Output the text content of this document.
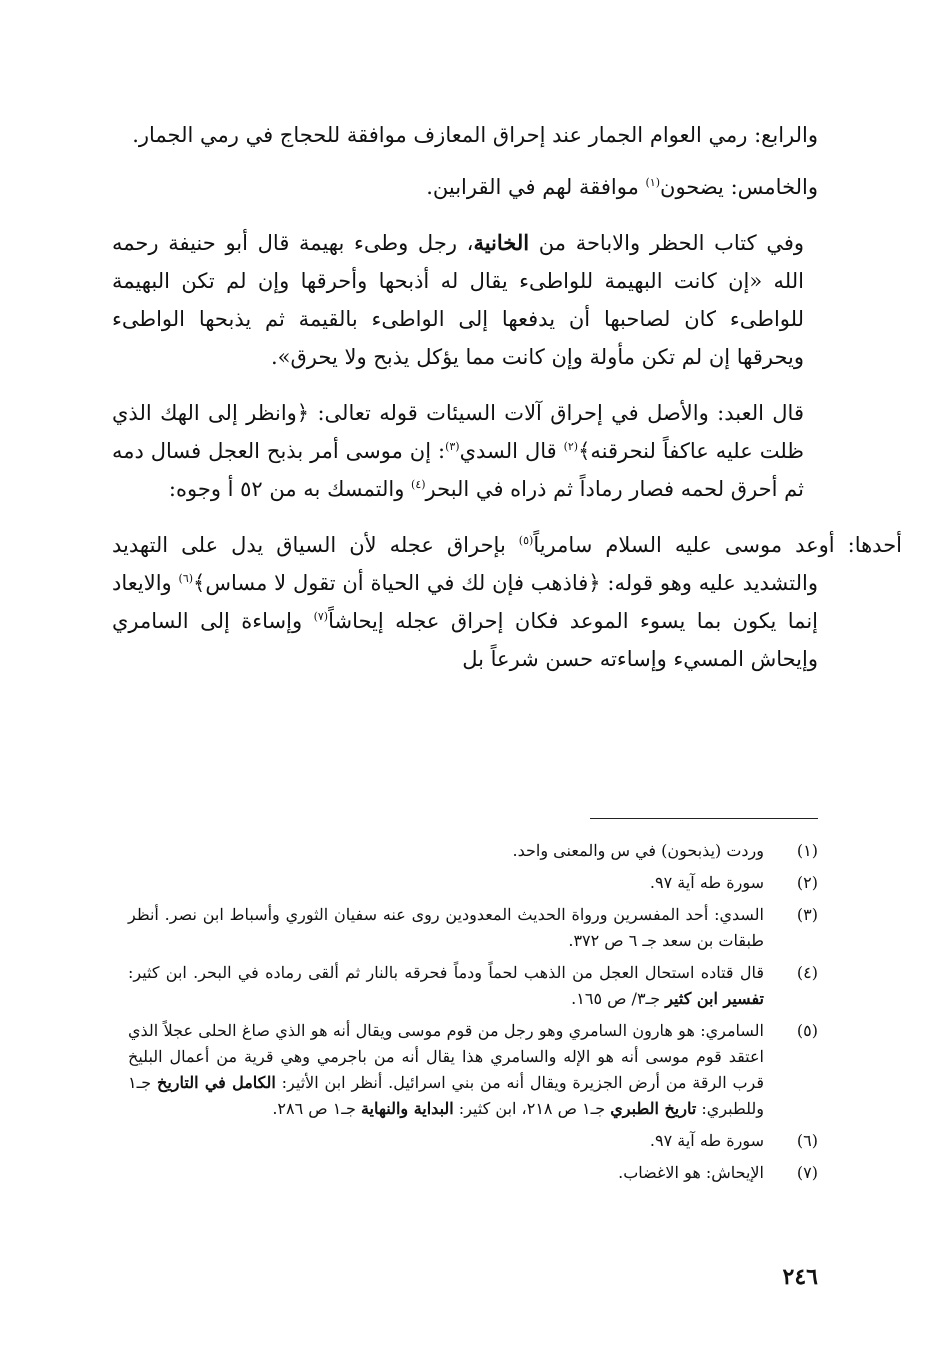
والرابع: رمي العوام الجمار عند إحراق المعازف موافقة للحجاج في رمي الجمار.

والخامس: يضحون$^{(١)}$ موافقة لهم في القرابين.

وفي كتاب الحظر والاباحة من الخانية، رجل وطىء بهيمة قال أبو حنيفة رحمه الله «إن كانت البهيمة للواطىء يقال له أذبحها وأحرقها وإن لم تكن البهيمة للواطىء كان لصاحبها أن يدفعها إلى الواطىء بالقيمة ثم يذبحها الواطىء ويحرقها إن لم تكن مأولة وإن كانت مما يؤكل يذبح ولا يحرق».

قال العبد: والأصل في إحراق آلات السيئات قوله تعالى: ﴿وانظر إلى الهك الذي ظلت عليه عاكفاً لنحرقنه﴾$^{(٢)}$ قال السدي$^{(٣)}$: إن موسى أمر بذبح العجل فسال دمه ثم أحرق لحمه فصار رماداً ثم ذراه في البحر$^{(٤)}$ والتمسك به من ٥٢ أ وجوه:

أحدها: أوعد موسى عليه السلام سامرياً$^{(٥)}$ بإحراق عجله لأن السياق يدل على التهديد والتشديد عليه وهو قوله: ﴿فاذهب فإن لك في الحياة أن تقول لا مساس﴾$^{(٦)}$ والايعاد إنما يكون بما يسوء الموعد فكان إحراق عجله إيحاشاً$^{(٧)}$ وإساءة إلى السامري وإيحاش المسيء وإساءته حسن شرعاً بل

(١)
وردت (يذبحون) في س والمعنى واحد.
(٢)
سورة طه آية ٩٧.
(٣)
السدي: أحد المفسرين ورواة الحديث المعدودين روى عنه سفيان الثوري وأسباط ابن نصر. أنظر طبقات بن سعد جـ ٦ ص ٣٧٢.
(٤)
قال قتاده استحال العجل من الذهب لحماً ودماً فحرقه بالنار ثم ألقى رماده في البحر. ابن كثير: تفسير ابن كثير جـ٣/ ص ١٦٥.
(٥)
السامري: هو هارون السامري وهو رجل من قوم موسى ويقال أنه هو الذي صاغ الحلى عجلاً الذي اعتقد قوم موسى أنه هو الإله والسامري هذا يقال أنه من باجرمي وهي قرية من أعمال البليخ قرب الرقة من أرض الجزيرة ويقال أنه من بني اسرائيل. أنظر ابن الأثير: الكامل في التاريخ جـ١ وللطبري: تاريخ الطبري جـ١ ص ٢١٨، ابن كثير: البداية والنهاية جـ١ ص ٢٨٦.
(٦)
سورة طه آية ٩٧.
(٧)
الإيحاش: هو الاغضاب.
٢٤٦
